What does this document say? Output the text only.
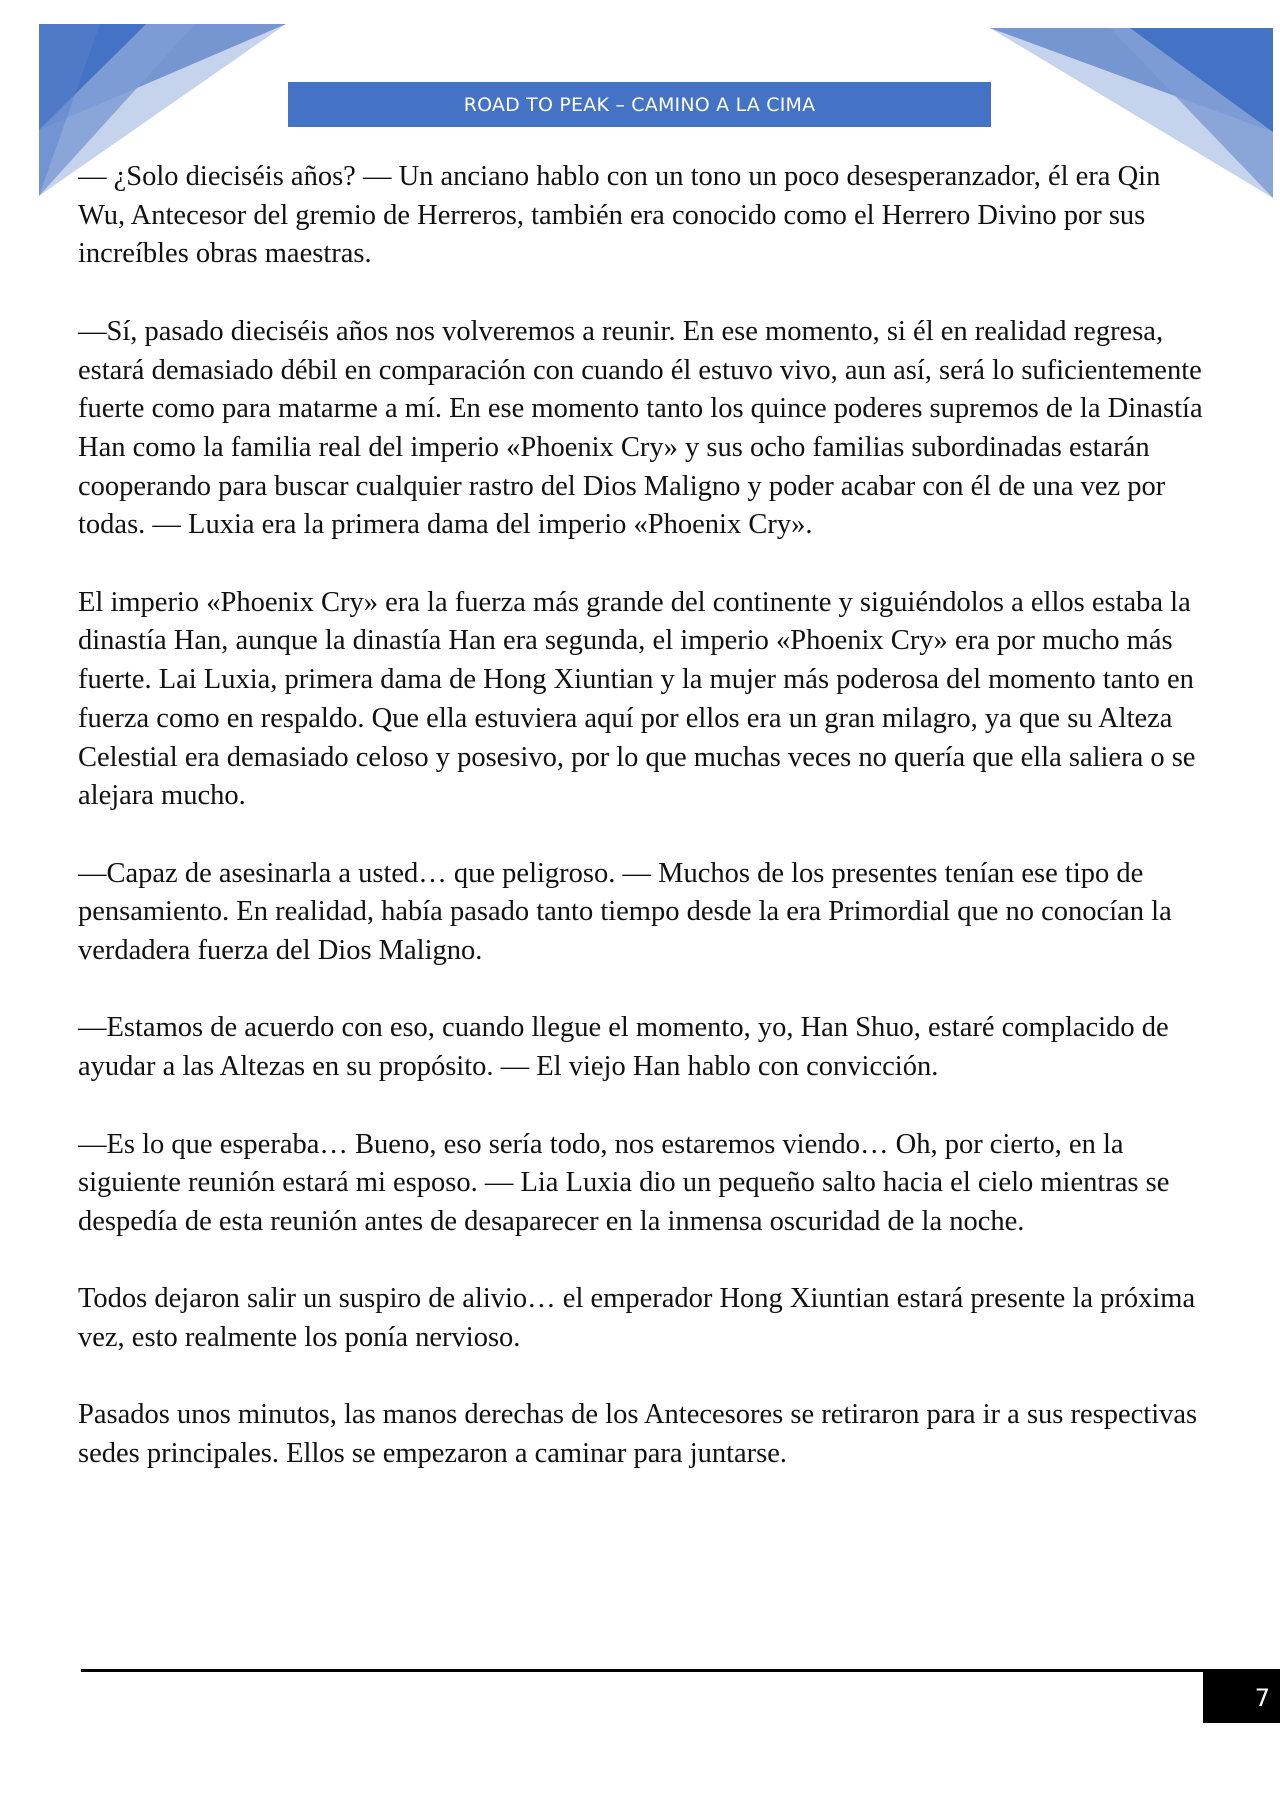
ROAD TO PEAK – CAMINO A LA CIMA

— ¿Solo dieciséis años? — Un anciano hablo con un tono un poco desesperanzador, él era Qin Wu, Antecesor del gremio de Herreros, también era conocido como el Herrero Divino por sus increíbles obras maestras.

—Sí, pasado dieciséis años nos volveremos a reunir. En ese momento, si él en realidad regresa, estará demasiado débil en comparación con cuando él estuvo vivo, aun así, será lo suficientemente fuerte como para matarme a mí. En ese momento tanto los quince poderes supremos de la Dinastía Han como la familia real del imperio «Phoenix Cry» y sus ocho familias subordinadas estarán cooperando para buscar cualquier rastro del Dios Maligno y poder acabar con él de una vez por todas. — Luxia era la primera dama del imperio «Phoenix Cry».

El imperio «Phoenix Cry» era la fuerza más grande del continente y siguiéndolos a ellos estaba la dinastía Han, aunque la dinastía Han era segunda, el imperio «Phoenix Cry» era por mucho más fuerte. Lai Luxia, primera dama de Hong Xiuntian y la mujer más poderosa del momento tanto en fuerza como en respaldo. Que ella estuviera aquí por ellos era un gran milagro, ya que su Alteza Celestial era demasiado celoso y posesivo, por lo que muchas veces no quería que ella saliera o se alejara mucho.

—Capaz de asesinarla a usted… que peligroso. — Muchos de los presentes tenían ese tipo de pensamiento. En realidad, había pasado tanto tiempo desde la era Primordial que no conocían la verdadera fuerza del Dios Maligno.

—Estamos de acuerdo con eso, cuando llegue el momento, yo, Han Shuo, estaré complacido de ayudar a las Altezas en su propósito. — El viejo Han hablo con convicción.

—Es lo que esperaba… Bueno, eso sería todo, nos estaremos viendo… Oh, por cierto, en la siguiente reunión estará mi esposo. — Lia Luxia dio un pequeño salto hacia el cielo mientras se despedía de esta reunión antes de desaparecer en la inmensa oscuridad de la noche.

Todos dejaron salir un suspiro de alivio… el emperador Hong Xiuntian estará presente la próxima vez, esto realmente los ponía nervioso.

Pasados unos minutos, las manos derechas de los Antecesores se retiraron para ir a sus respectivas sedes principales. Ellos se empezaron a caminar para juntarse.

7
